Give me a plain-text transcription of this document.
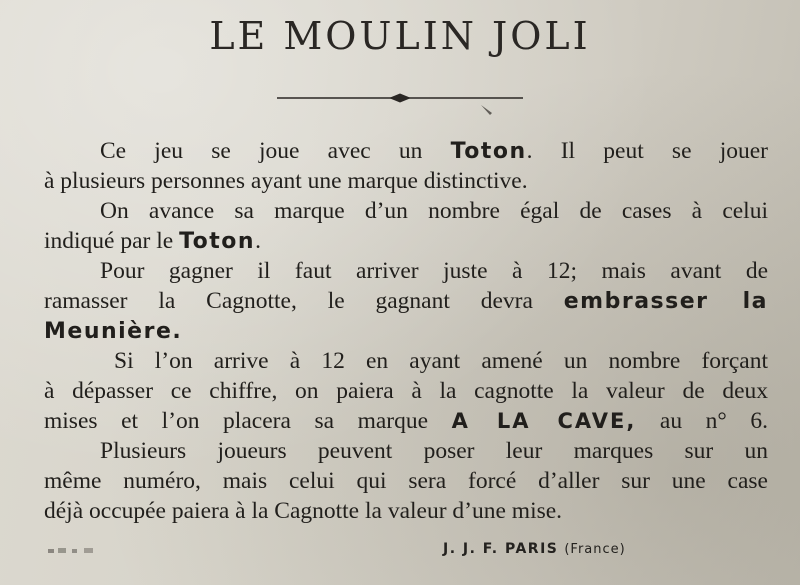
LE MOULIN JOLI
Ce jeu se joue avec un Toton. Il peut se jouer
à plusieurs personnes ayant une marque distinctive.
On avance sa marque d’un nombre égal de cases à celui
indiqué par le Toton.
Pour gagner il faut arriver juste à 12; mais avant de
ramasser la Cagnotte, le gagnant devra embrasser la
Meunière.
Si l’on arrive à 12 en ayant amené un nombre forçant
à dépasser ce chiffre, on paiera à la cagnotte la valeur de deux
mises et l’on placera sa marque A LA CAVE, au n° 6.
Plusieurs joueurs peuvent poser leur marques sur un
même numéro, mais celui qui sera forcé d’aller sur une case
déjà occupée paiera à la Cagnotte la valeur d’une mise.
J. J. F. PARIS (France)
